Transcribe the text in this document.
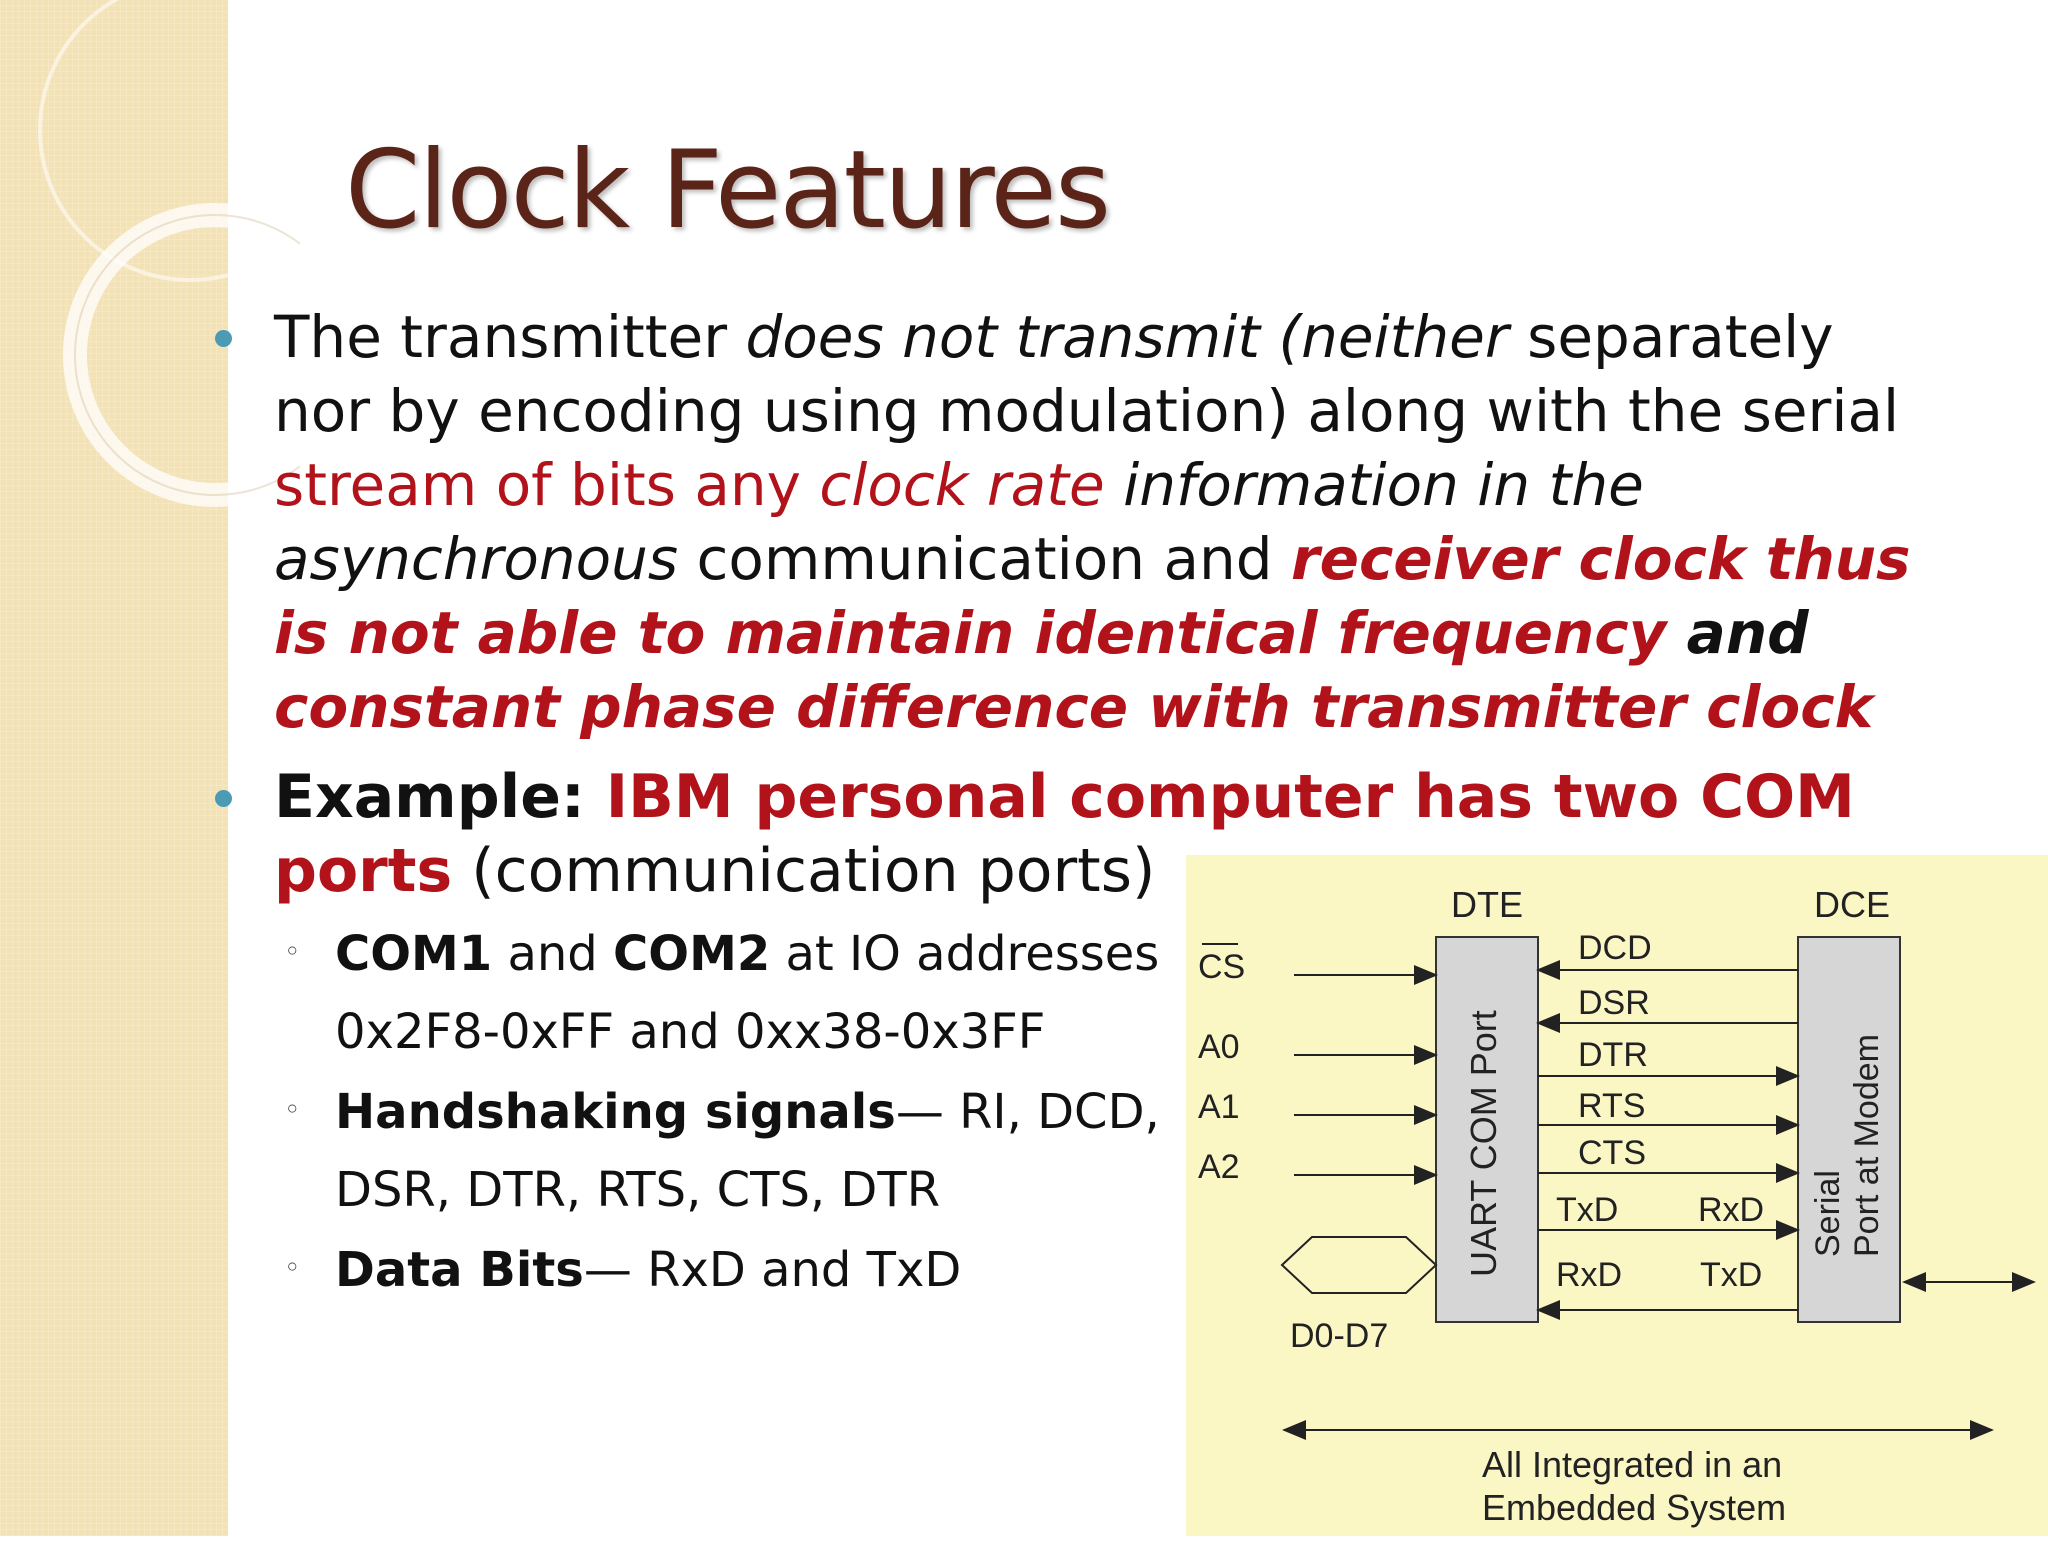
Clock Features
The transmitter does not transmit (neither separately nor by encoding using modulation) along with the serial stream of bits any clock rate information in the asynchronous communication and receiver clock thus is not able to maintain identical frequency and constant phase difference with transmitter clock
Example: IBM personal computer has two COM ports (communication ports)
◦ COM1 and COM2 at IO addresses 0x2F8-0xFF and 0xx38-0x3FF
◦ Handshaking signals— RI, DCD, DSR, DTR, RTS, CTS, DTR
◦ Data Bits— RxD and TxD
DTE	DCE
UART COM Port	Serial Port at Modem
CS
A0
A1
A2
DCD
DSR
DTR
RTS
CTS
TxD RxD
RxD TxD
D0-D7
All Integrated in an
Embedded System
